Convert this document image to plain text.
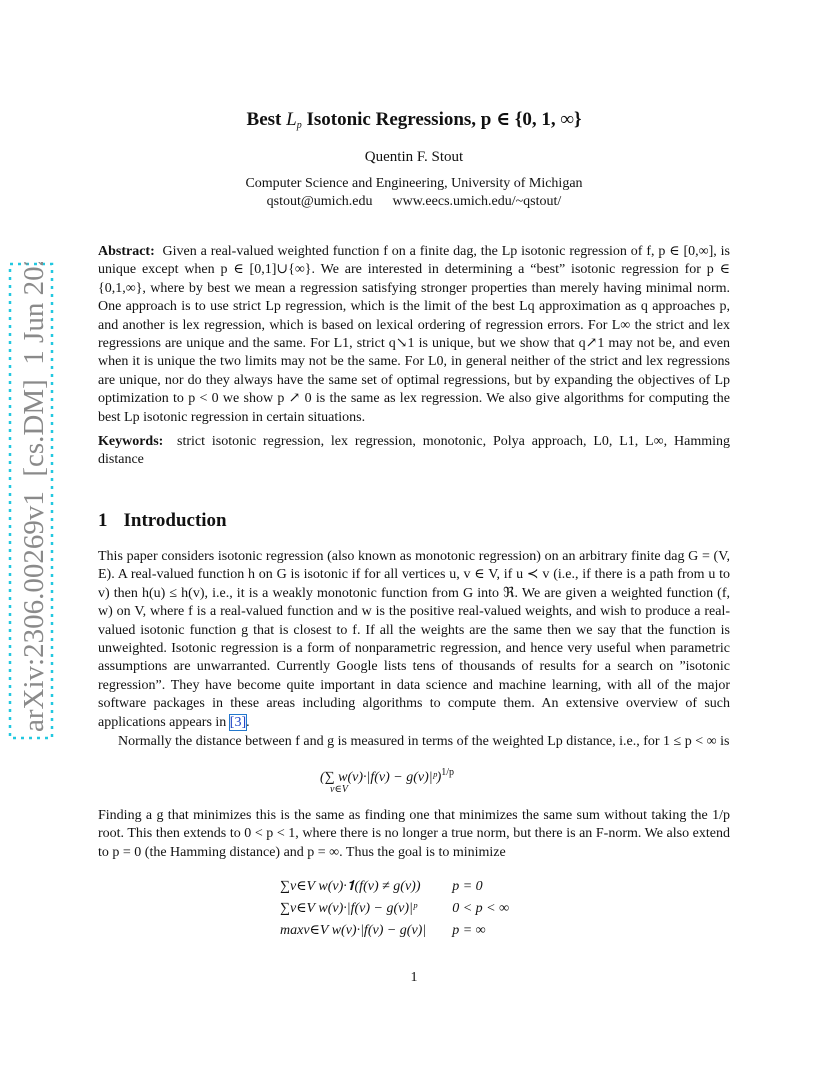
arXiv:2306.00269v1  [cs.DM]  1 Jun 2023
Best $L_p$ Isotonic Regressions, p ∈ {0, 1, ∞}
Quentin F. Stout
Computer Science and Engineering, University of Michigan
qstout@umich.edu www.eecs.umich.edu/~qstout/
Abstract: Given a real-valued weighted function f on a finite dag, the Lp isotonic regression of f, p ∈ [0,∞], is unique except when p ∈ [0,1]∪{∞}. We are interested in determining a “best” isotonic regression for p ∈ {0,1,∞}, where by best we mean a regression satisfying stronger properties than merely having minimal norm. One approach is to use strict Lp regression, which is the limit of the best Lq approximation as q approaches p, and another is lex regression, which is based on lexical ordering of regression errors. For L∞ the strict and lex regressions are unique and the same. For L1, strict q↘1 is unique, but we show that q↗1 may not be, and even when it is unique the two limits may not be the same. For L0, in general neither of the strict and lex regressions are unique, nor do they always have the same set of optimal regressions, but by expanding the objectives of Lp optimization to p < 0 we show p ↗ 0 is the same as lex regression. We also give algorithms for computing the best Lp isotonic regression in certain situations.
Keywords: strict isotonic regression, lex regression, monotonic, Polya approach, L0, L1, L∞, Hamming distance
1 Introduction
This paper considers isotonic regression (also known as monotonic regression) on an arbitrary finite dag G = (V, E). A real-valued function h on G is isotonic if for all vertices u, v ∈ V, if u ≺ v (i.e., if there is a path from u to v) then h(u) ≤ h(v), i.e., it is a weakly monotonic function from G into ℜ. We are given a weighted function (f, w) on V, where f is a real-valued function and w is the positive real-valued weights, and wish to produce a real-valued isotonic function g that is closest to f. If all the weights are the same then we say that the function is unweighted. Isotonic regression is a form of nonparametric regression, and hence very useful when parametric assumptions are unwarranted. Currently Google lists tens of thousands of results for a search on ”isotonic regression”. They have become quite important in data science and machine learning, with all of the major software packages in these areas including algorithms to compute them. An extensive overview of such applications appears in [3].
Normally the distance between f and g is measured in terms of the weighted Lp distance, i.e., for 1 ≤ p < ∞ is
(∑ w(v)·|f(v) − g(v)|ᵖ)$^{1/p}$
v∈V
Finding a g that minimizes this is the same as finding one that minimizes the same sum without taking the 1/p root. This then extends to 0 < p < 1, where there is no longer a true norm, but there is an F-norm. We also extend to p = 0 (the Hamming distance) and p = ∞. Thus the goal is to minimize
∑v∈V w(v)·𝟏(f(v) ≠ g(v))	p = 0
∑v∈V w(v)·|f(v) − g(v)|ᵖ	0 < p < ∞
maxv∈V w(v)·|f(v) − g(v)|	p = ∞
1
